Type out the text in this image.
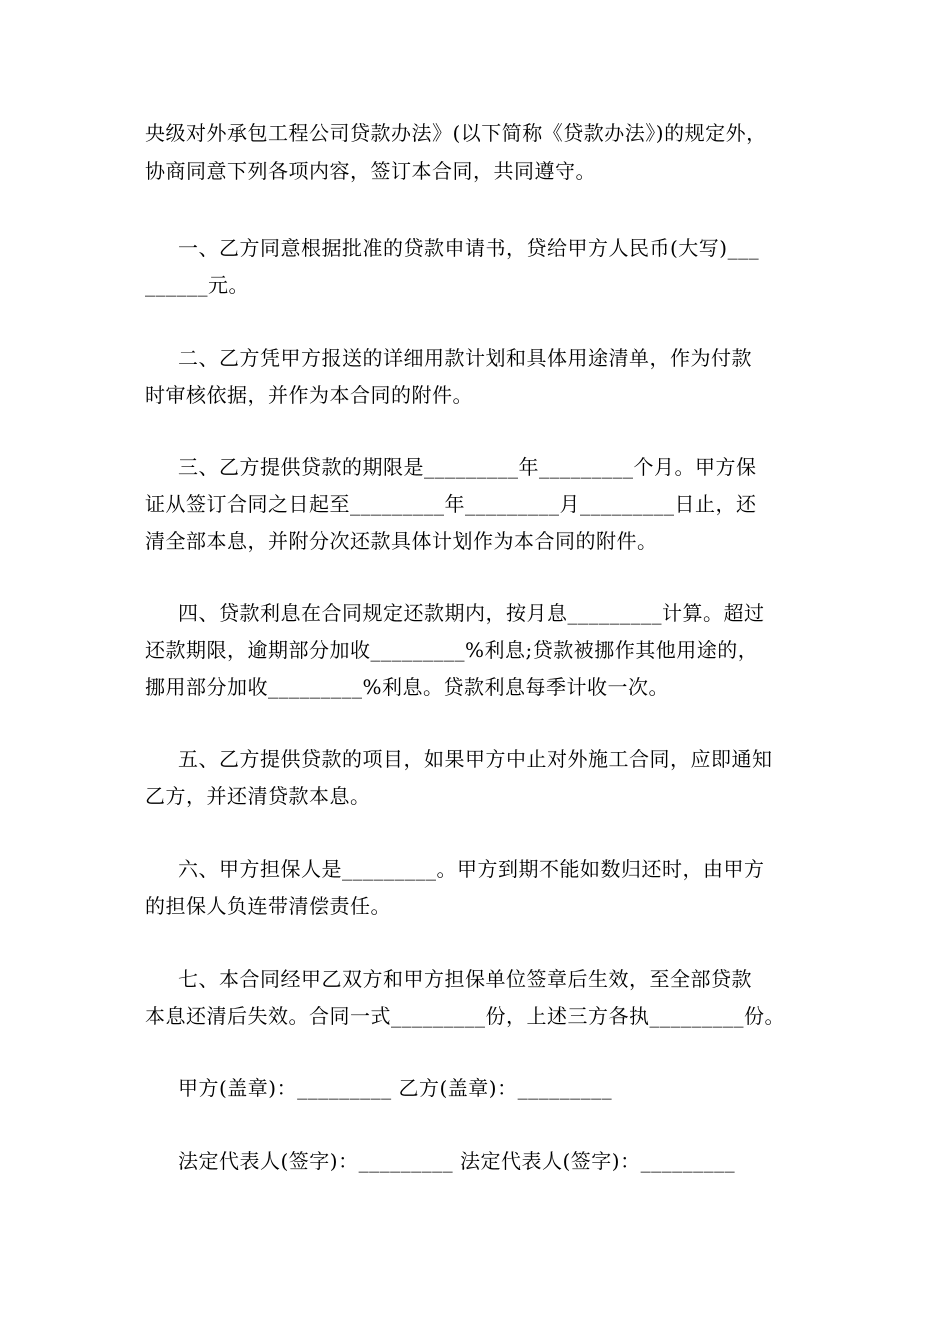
央级对外承包工程公司贷款办法》(以下简称《贷款办法》)的规定外，
协商同意下列各项内容，签订本合同，共同遵守。
一、乙方同意根据批准的贷款申请书，贷给甲方人民币(大写)___
______元。
二、乙方凭甲方报送的详细用款计划和具体用途清单，作为付款
时审核依据，并作为本合同的附件。
三、乙方提供贷款的期限是_________年_________个月。甲方保
证从签订合同之日起至_________年_________月_________日止，还
清全部本息，并附分次还款具体计划作为本合同的附件。
四、贷款利息在合同规定还款期内，按月息_________计算。超过
还款期限，逾期部分加收_________%利息;贷款被挪作其他用途的，
挪用部分加收_________%利息。贷款利息每季计收一次。
五、乙方提供贷款的项目，如果甲方中止对外施工合同，应即通知
乙方，并还清贷款本息。
六、甲方担保人是_________。甲方到期不能如数归还时，由甲方
的担保人负连带清偿责任。
七、本合同经甲乙双方和甲方担保单位签章后生效，至全部贷款
本息还清后失效。合同一式_________份，上述三方各执_________份。
甲方(盖章)：_________ 乙方(盖章)：_________
法定代表人(签字)：_________ 法定代表人(签字)：_________
